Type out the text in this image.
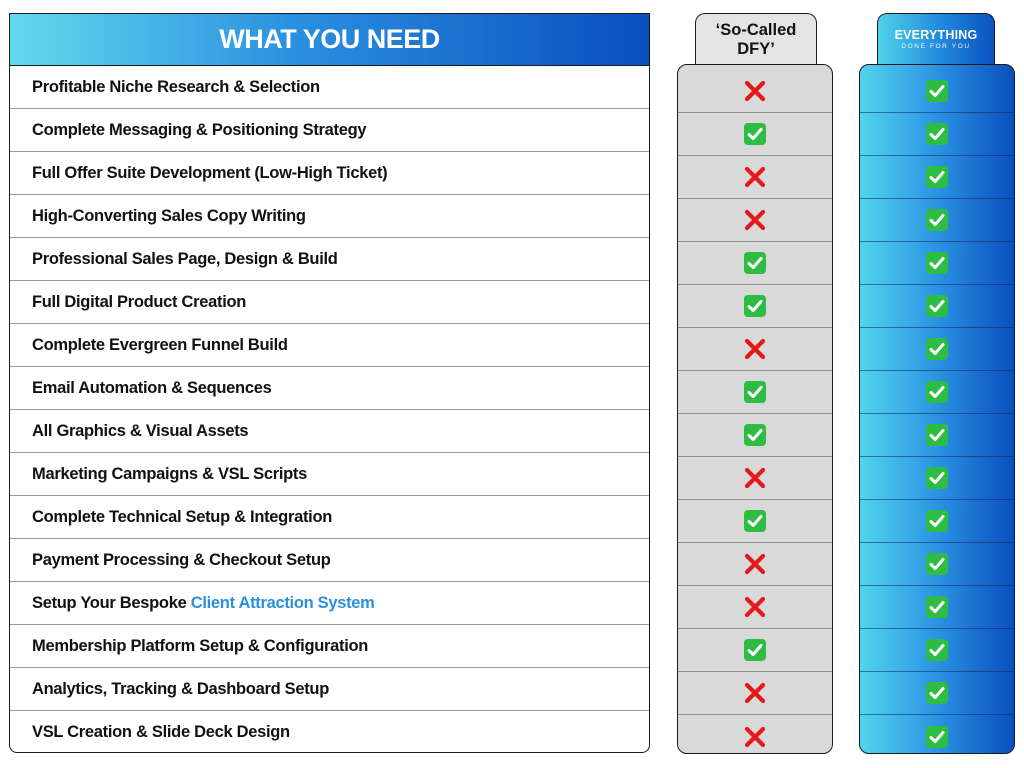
WHAT YOU NEED
Profitable Niche Research & Selection
Complete Messaging & Positioning Strategy
Full Offer Suite Development (Low-High Ticket)
High-Converting Sales Copy Writing
Professional Sales Page, Design & Build
Full Digital Product Creation
Complete Evergreen Funnel Build
Email Automation & Sequences
All Graphics & Visual Assets
Marketing Campaigns & VSL Scripts
Complete Technical Setup & Integration
Payment Processing & Checkout Setup
Setup Your Bespoke
Client Attraction System
Membership Platform Setup & Configuration
Analytics, Tracking & Dashboard Setup
VSL Creation & Slide Deck Design
‘So-Called DFY’
EVERYTHING
DONE FOR YOU
